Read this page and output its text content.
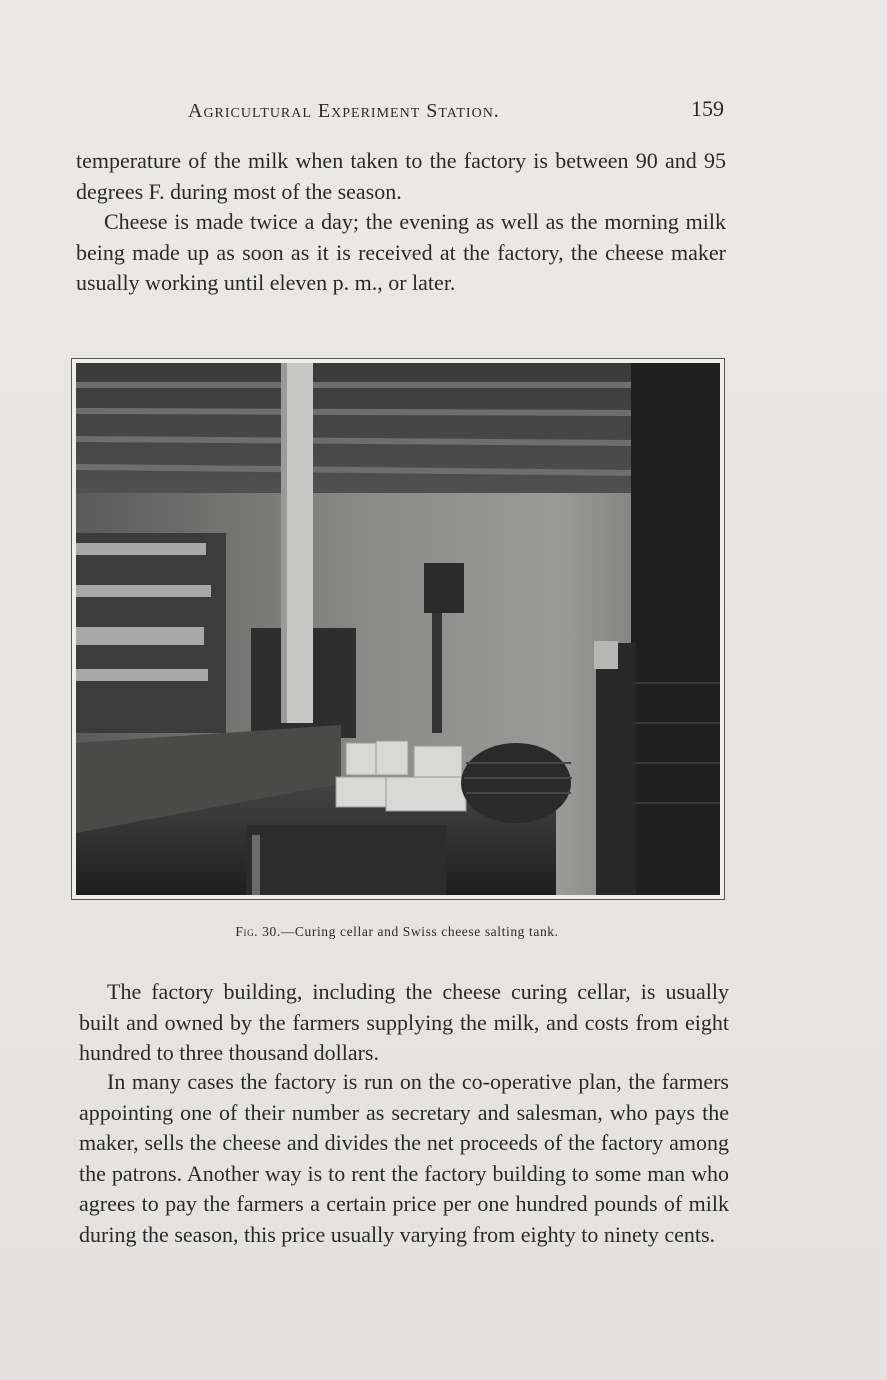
Agricultural Experiment Station.	159

temperature of the milk when taken to the factory is between 90 and 95 degrees F. during most of the season.

Cheese is made twice a day; the evening as well as the morning milk being made up as soon as it is received at the factory, the cheese maker usually working until eleven p. m., or later.

Fig. 30.—Curing cellar and Swiss cheese salting tank.

The factory building, including the cheese curing cellar, is usually built and owned by the farmers supplying the milk, and costs from eight hundred to three thousand dollars.

In many cases the factory is run on the co-operative plan, the farmers appointing one of their number as secretary and salesman, who pays the maker, sells the cheese and divides the net proceeds of the factory among the patrons. Another way is to rent the factory building to some man who agrees to pay the farmers a certain price per one hundred pounds of milk during the season, this price usually varying from eighty to ninety cents.
